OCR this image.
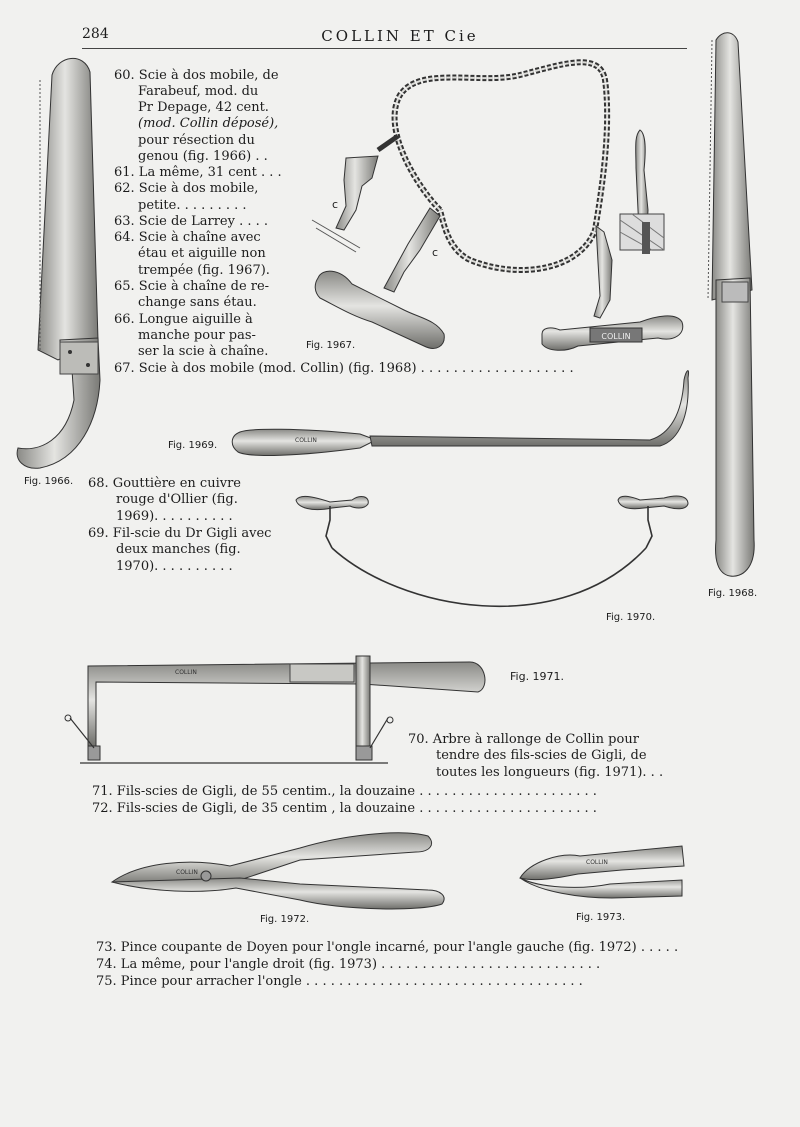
284	COLLIN ET Cie
COLLIN
COLLIN
COLLIN
COLLIN
COLLIN
Fig. 1967.
c
c
Fig. 1969.
Fig. 1966.
Fig. 1968.
Fig. 1970.
Fig. 1971.
Fig. 1972.	Fig. 1973.
60. Scie à dos mobile, de
Farabeuf, mod. du
Pr Depage, 42 cent.
(mod. Collin déposé),
pour résection du
genou (fig. 1966) . .
61. La même, 31 cent . . .
62. Scie à dos mobile,
petite. . . . . . . . .
63. Scie de Larrey . . . .
64. Scie à chaîne avec
étau et aiguille non
trempée (fig. 1967).
65. Scie à chaîne de re-
change sans étau.
66. Longue aiguille à
manche pour pas-
ser la scie à chaîne.
67. Scie à dos mobile (mod. Collin) (fig. 1968) . . . . . . . . . . . . . . . . . . .
68. Gouttière en cuivre
rouge d'Ollier (fig.
1969). . . . . . . . . .
69. Fil-scie du Dr Gigli avec
deux manches (fig.
1970). . . . . . . . . .
70. Arbre à rallonge de Collin pour
tendre des fils-scies de Gigli, de
toutes les longueurs (fig. 1971). . .
71. Fils-scies de Gigli, de 55 centim., la douzaine . . . . . . . . . . . . . . . . . . . . . .
72. Fils-scies de Gigli, de 35 centim , la douzaine . . . . . . . . . . . . . . . . . . . . . .
73. Pince coupante de Doyen pour l'ongle incarné, pour l'angle gauche (fig. 1972) . . . . .
74. La même, pour l'angle droit (fig. 1973) . . . . . . . . . . . . . . . . . . . . . . . . . . .
75. Pince pour arracher l'ongle . . . . . . . . . . . . . . . . . . . . . . . . . . . . . . . . . .
